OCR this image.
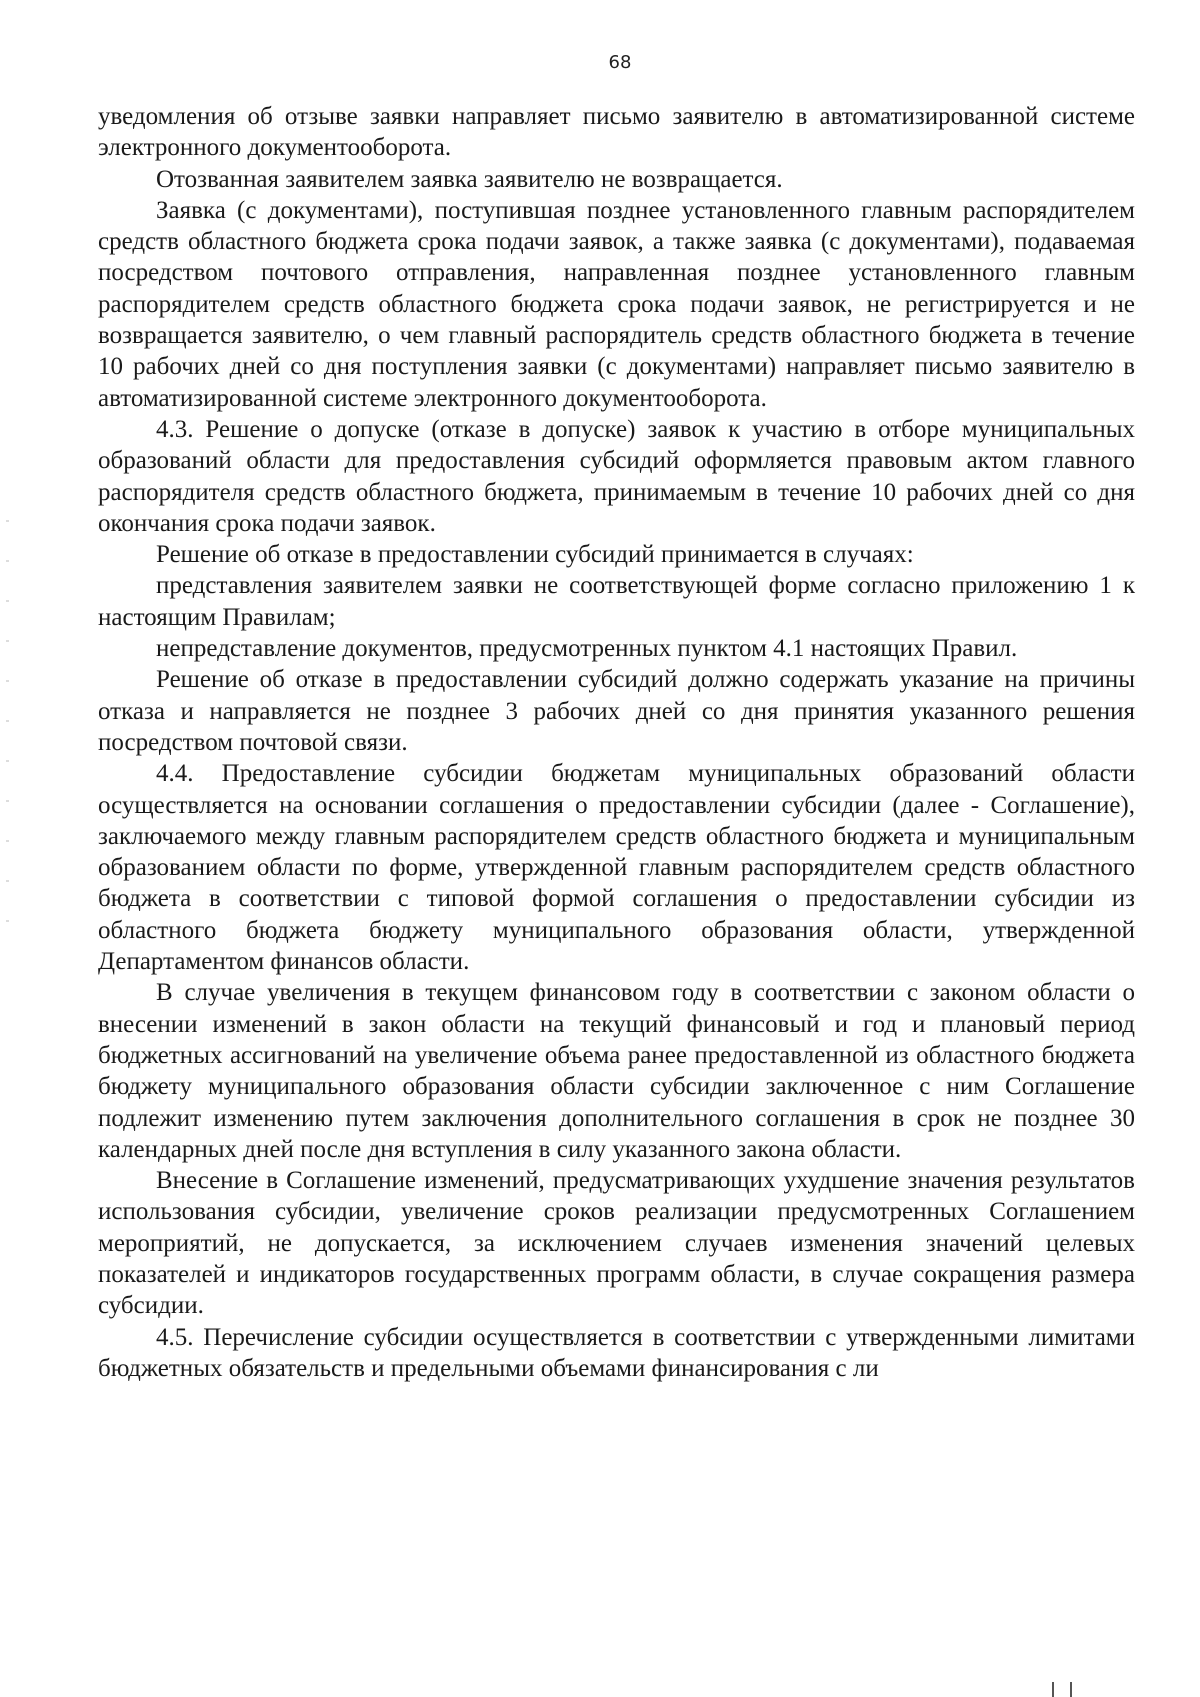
68

уведомления об отзыве заявки направляет письмо заявителю в автоматизированной системе электронного документооборота.

Отозванная заявителем заявка заявителю не возвращается.

Заявка (с документами), поступившая позднее установленного главным распорядителем средств областного бюджета срока подачи заявок, а также заявка (с документами), подаваемая посредством почтового отправления, направленная позднее установленного главным распорядителем средств областного бюджета срока подачи заявок, не регистрируется и не возвращается заявителю, о чем главный распорядитель средств областного бюджета в течение 10 рабочих дней со дня поступления заявки (с документами) направляет письмо заявителю в автоматизированной системе электронного документооборота.

4.3. Решение о допуске (отказе в допуске) заявок к участию в отборе муниципальных образований области для предоставления субсидий оформляется правовым актом главного распорядителя средств областного бюджета, принимаемым в течение 10 рабочих дней со дня окончания срока подачи заявок.

Решение об отказе в предоставлении субсидий принимается в случаях:

представления заявителем заявки не соответствующей форме согласно приложению 1 к настоящим Правилам;

непредставление документов, предусмотренных пунктом 4.1 настоящих Правил.

Решение об отказе в предоставлении субсидий должно содержать указание на причины отказа и направляется не позднее 3 рабочих дней со дня принятия указанного решения посредством почтовой связи.

4.4. Предоставление субсидии бюджетам муниципальных образований области осуществляется на основании соглашения о предоставлении субсидии (далее - Соглашение), заключаемого между главным распорядителем средств областного бюджета и муниципальным образованием области по форме, утвержденной главным распорядителем средств областного бюджета в соответствии с типовой формой соглашения о предоставлении субсидии из областного бюджета бюджету муниципального образования области, утвержденной Департаментом финансов области.

В случае увеличения в текущем финансовом году в соответствии с законом области о внесении изменений в закон области на текущий финансовый и год и плановый период бюджетных ассигнований на увеличение объема ранее предоставленной из областного бюджета бюджету муниципального образования области субсидии заключенное с ним Соглашение подлежит изменению путем заключения дополнительного соглашения в срок не позднее 30 календарных дней после дня вступления в силу указанного закона области.

Внесение в Соглашение изменений, предусматривающих ухудшение значения результатов использования субсидии, увеличение сроков реализации предусмотренных Соглашением мероприятий, не допускается, за исключением случаев изменения значений целевых показателей и индикаторов государственных программ области, в случае сокращения размера субсидии.

4.5. Перечисление субсидии осуществляется в соответствии с утвержденными лимитами бюджетных обязательств и предельными объемами финансирования с ли
